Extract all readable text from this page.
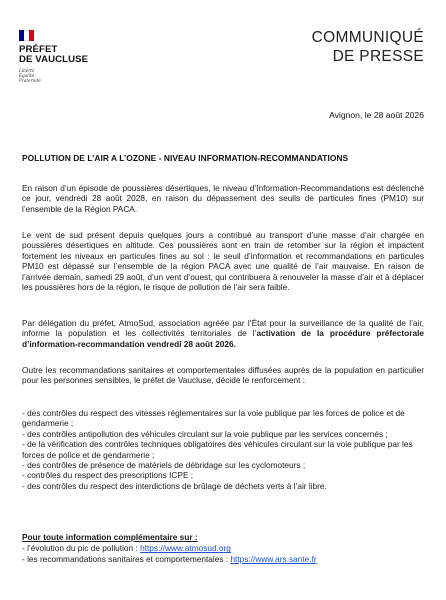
PRÉFET
DE VAUCLUSE
Liberté
Égalité
Fraternité
COMMUNIQUÉ
DE PRESSE
Avignon, le 28 août 2026
POLLUTION DE L’AIR A L’OZONE - NIVEAU INFORMATION-RECOMMANDATIONS
En raison d’un épisode de poussières désertiques, le niveau d’Information-Recommandations est déclenché ce jour, vendredi 28 août 2028, en raison du dépassement des seuils de particules fines (PM10) sur l’ensemble de la Région PACA.
Le vent de sud présent depuis quelques jours a contribué au transport d’une masse d’air chargée en poussières désertiques en altitude. Ces poussières sont en train de retomber sur la région et impactent fortement les niveaux en particules fines au sol : le seuil d’information et recommandations en particules PM10 est dépassé sur l’ensemble de la région PACA avec une qualité de l’air mauvaise. En raison de l’arrivée demain, samedi 29 août, d’un vent d’ouest, qui contribuera à renouveler la masse d’air et à déplacer les poussières hors de la région, le risque de pollution de l’air sera faible.
Par délégation du préfet, AtmoSud, association agréée par l’État pour la surveillance de la qualité de l’air, informe la population et les collectivités territoriales de l’activation de la procédure préfectorale d’information-recommandation vendredi 28 août 2026.
Outre les recommandations sanitaires et comportementales diffusées auprès de la population en particulier pour les personnes sensibles, le préfet de Vaucluse, décide le renforcement :
- des contrôles du respect des vitesses réglementaires sur la voie publique par les forces de police et de gendarmerie ;
- des contrôles antipollution des véhicules circulant sur la voie publique par les services concernés ;
- de la vérification des contrôles techniques obligatoires des véhicules circulant sur la voie publique par les forces de police et de gendarmerie ;
- des contrôles de présence de matériels de débridage sur les cyclomoteurs ;
- contrôles du respect des prescriptions ICPE ;
- des contrôles du respect des interdictions de brûlage de déchets verts à l’air libre.
Pour toute information complémentaire sur :
- l’évolution du pic de pollution : https://www.atmosud.org
- les recommandations sanitaires et comportementales : https://www.ars.sante.fr
